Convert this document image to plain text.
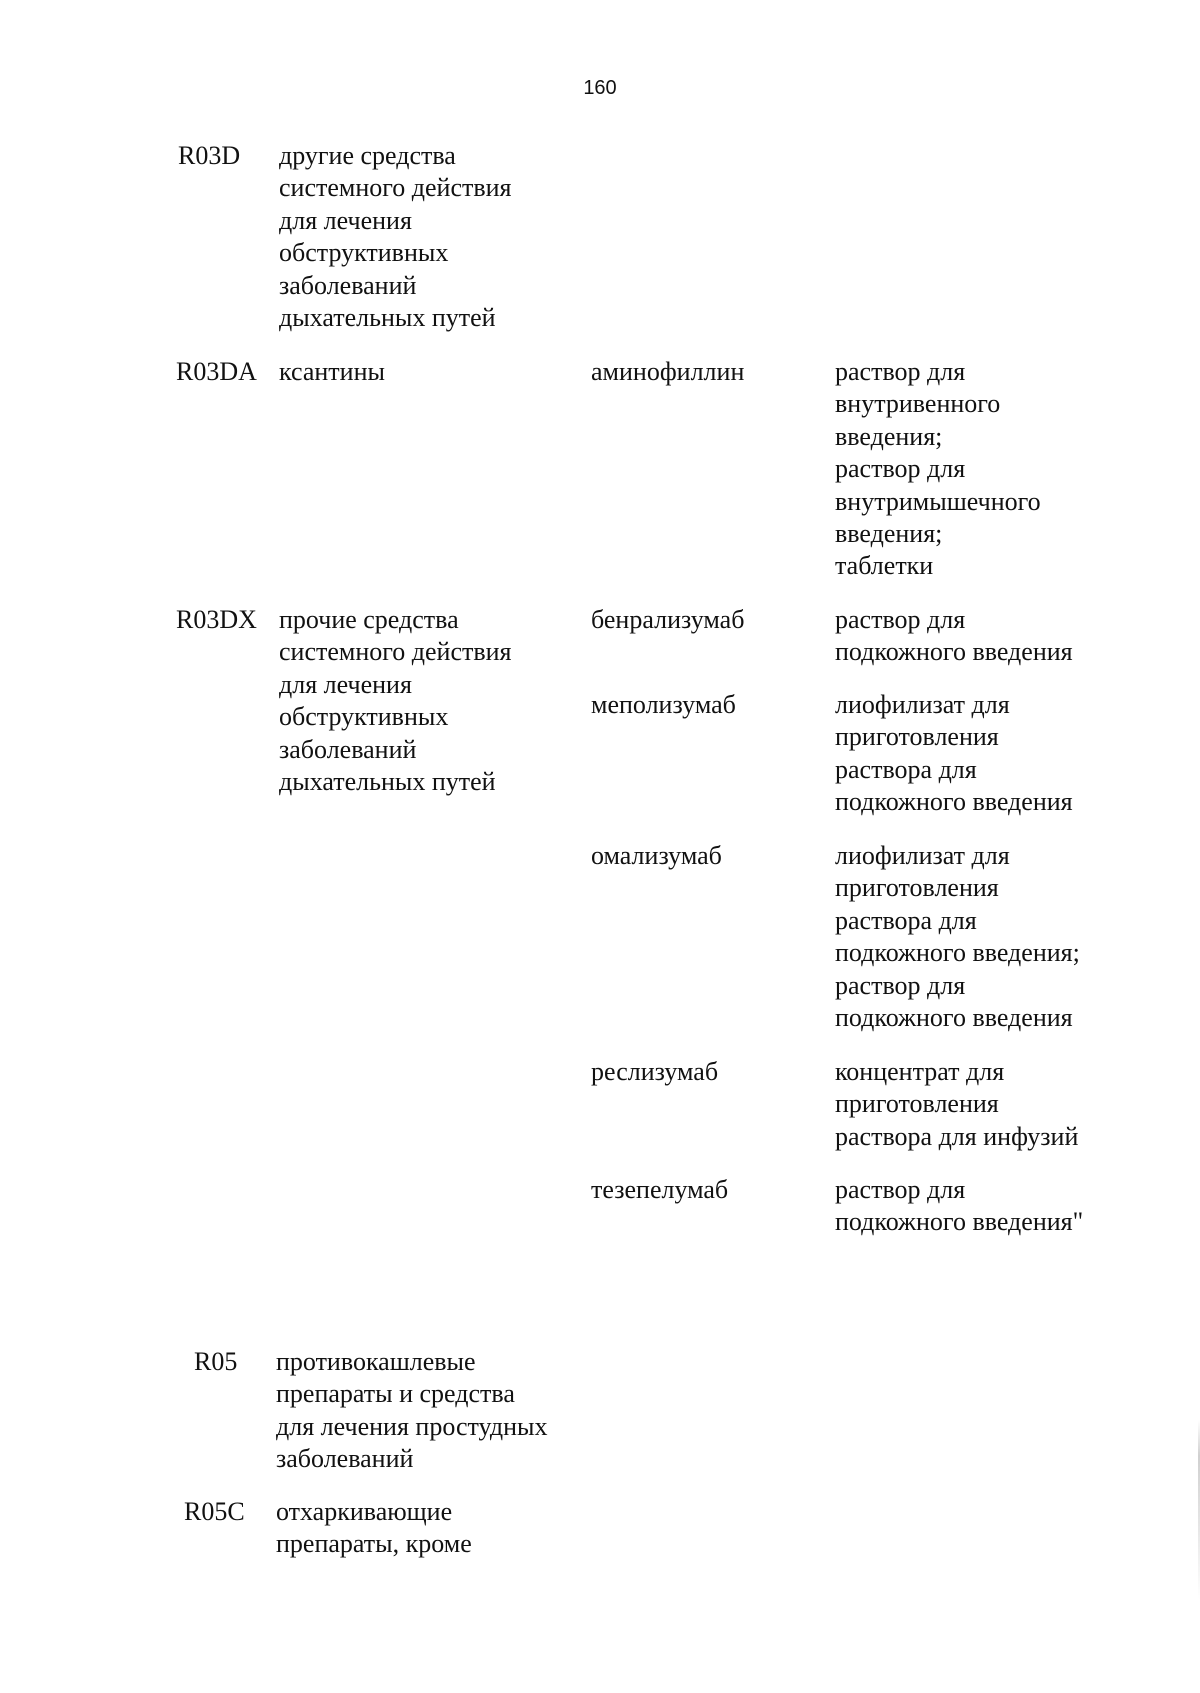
160
R03D другие средства
системного действия
для лечения
обструктивных
заболеваний
дыхательных путей
R03DA ксантины	аминофиллин	раствор для
внутривенного
введения;
раствор для
внутримышечного
введения;
таблетки
R03DX прочие средства
системного действия
для лечения
обструктивных
заболеваний
дыхательных путей
бенрализумаб	раствор для
подкожного введения
меполизумаб	лиофилизат для
приготовления
раствора для
подкожного введения
омализумаб	лиофилизат для
приготовления
раствора для
подкожного введения;
раствор для
подкожного введения
реслизумаб	концентрат для
приготовления
раствора для инфузий
тезепелумаб	раствор для
подкожного введения"
R05 противокашлевые
препараты и средства
для лечения простудных
заболеваний
R05C отхаркивающие
препараты, кроме
